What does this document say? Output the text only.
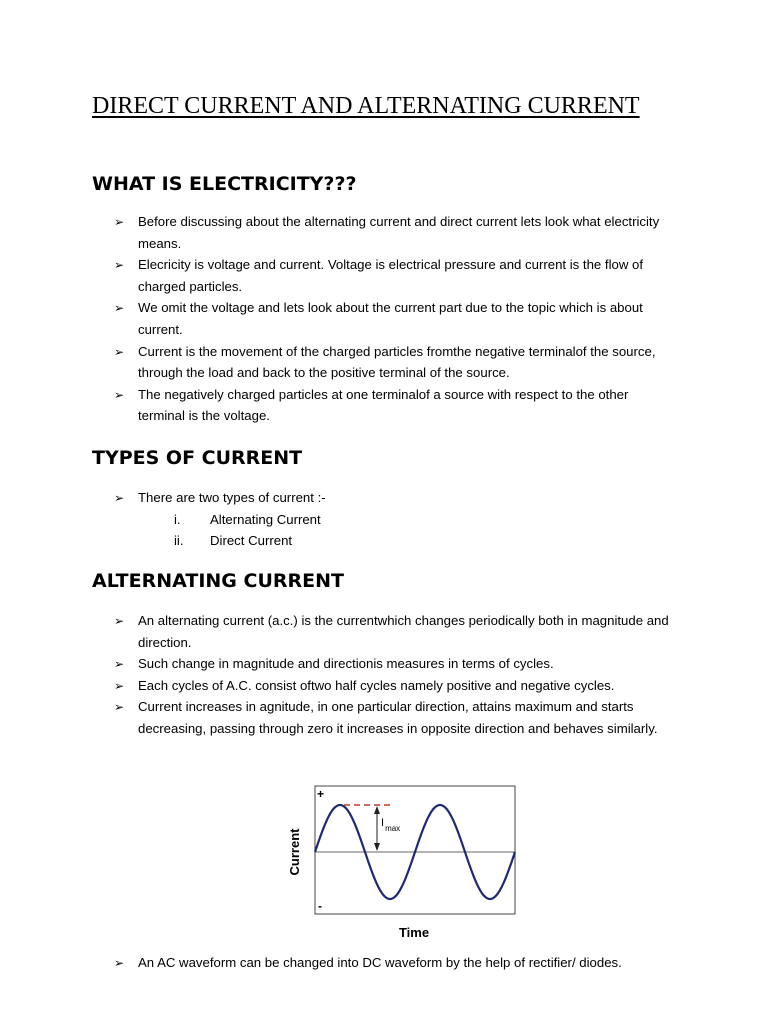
DIRECT CURRENT AND ALTERNATING CURRENT
WHAT IS ELECTRICITY???
➢ Before discussing about the alternating current and direct current lets look what electricity means.
➢ Elecricity is voltage and current. Voltage is electrical pressure and current is the flow of charged particles.
➢ We omit the voltage and lets look about the current part due to the topic which is about current.
➢ Current is the movement of the charged particles fromthe negative terminalof the source, through the load and back to the positive terminal of the source.
➢ The negatively charged particles at one terminalof a source with respect to the other terminal is the voltage.
TYPES OF CURRENT
➢ There are two types of current :-
i.	Alternating Current
ii.	Direct Current
ALTERNATING CURRENT
➢ An alternating current (a.c.) is the currentwhich changes periodically both in magnitude and direction.
➢ Such change in magnitude and directionis measures in terms of cycles.
➢ Each cycles of A.C. consist oftwo half cycles namely positive and negative cycles.
➢ Current increases in agnitude, in one particular direction, attains maximum and starts decreasing, passing through zero it increases in opposite direction and behaves similarly.
$I_{max}$
+
-
Current
Time
➢ An AC waveform can be changed into DC waveform by the help of rectifier/ diodes.
